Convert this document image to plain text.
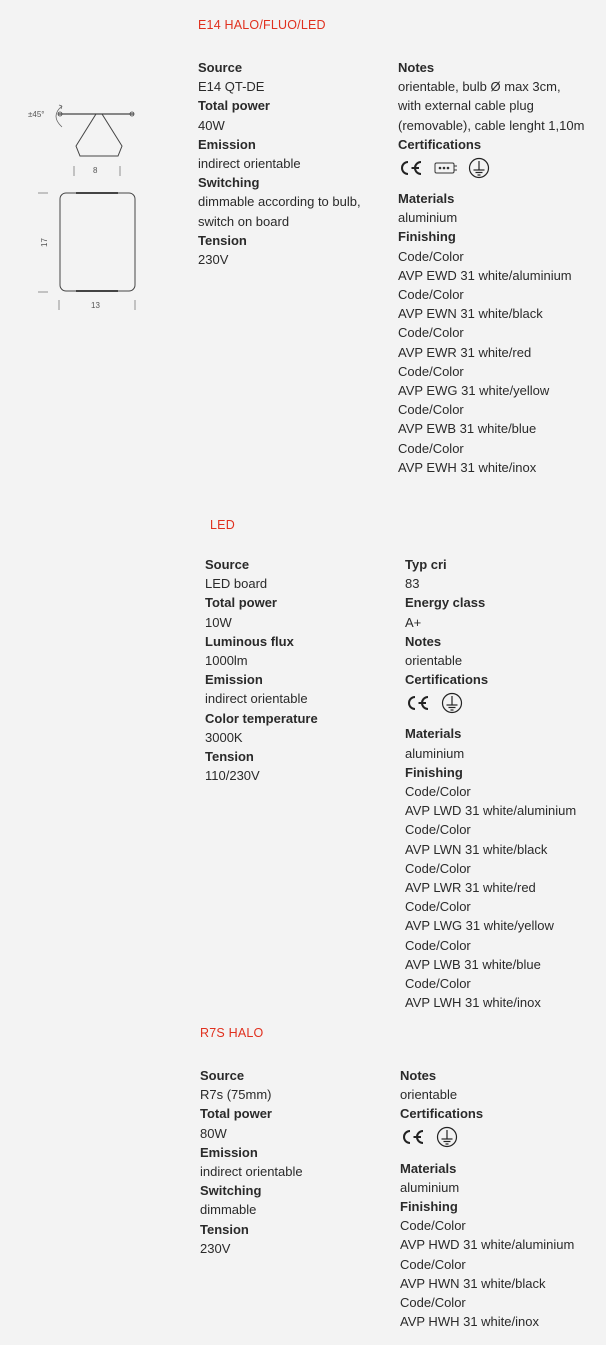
±45°
8
17
13
E14 HALO/FLUO/LED
Source
E14 QT-DE
Total power
40W
Emission
indirect orientable
Switching
dimmable according to bulb,
switch on board
Tension
230V
Notes
orientable, bulb Ø max 3cm,
with external cable plug
(removable), cable lenght 1,10m
Certifications
Materials
aluminium
Finishing
Code/Color
AVP EWD 31 white/aluminium
Code/Color
AVP EWN 31 white/black
Code/Color
AVP EWR 31 white/red
Code/Color
AVP EWG 31 white/yellow
Code/Color
AVP EWB 31 white/blue
Code/Color
AVP EWH 31 white/inox
LED
Source
LED board
Total power
10W
Luminous flux
1000lm
Emission
indirect orientable
Color temperature
3000K
Tension
110/230V
Typ cri
83
Energy class
A+
Notes
orientable
Certifications
Materials
aluminium
Finishing
Code/Color
AVP LWD 31 white/aluminium
Code/Color
AVP LWN 31 white/black
Code/Color
AVP LWR 31 white/red
Code/Color
AVP LWG 31 white/yellow
Code/Color
AVP LWB 31 white/blue
Code/Color
AVP LWH 31 white/inox
R7S HALO
Source
R7s (75mm)
Total power
80W
Emission
indirect orientable
Switching
dimmable
Tension
230V
Notes
orientable
Certifications
Materials
aluminium
Finishing
Code/Color
AVP HWD 31 white/aluminium
Code/Color
AVP HWN 31 white/black
Code/Color
AVP HWH 31 white/inox
